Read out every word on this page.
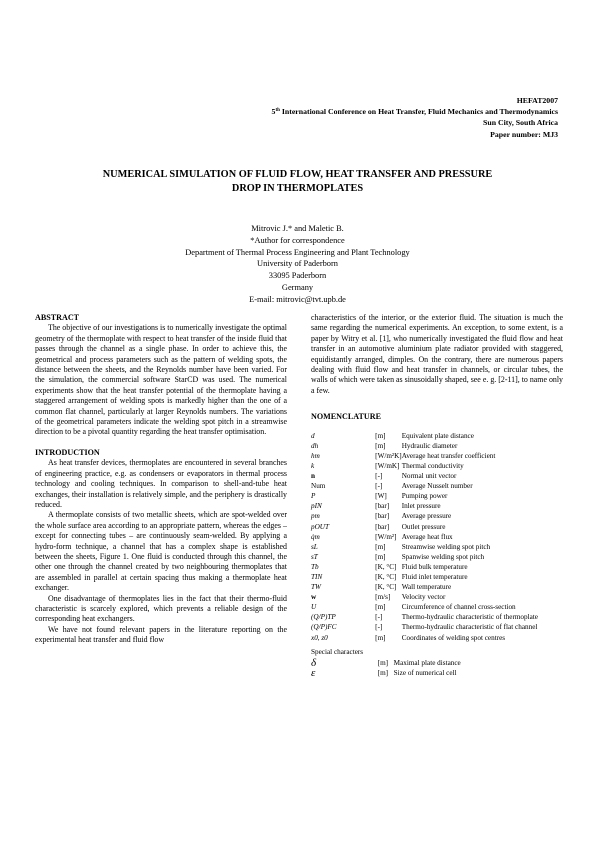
HEFAT2007
5th International Conference on Heat Transfer, Fluid Mechanics and Thermodynamics
Sun City, South Africa
Paper number: MJ3
NUMERICAL SIMULATION OF FLUID FLOW, HEAT TRANSFER AND PRESSURE
DROP IN THERMOPLATES
Mitrovic J.* and Maletic B.
*Author for correspondence
Department of Thermal Process Engineering and Plant Technology
University of Paderborn
33095 Paderborn
Germany
E-mail: mitrovic@tvt.upb.de
ABSTRACT

The objective of our investigations is to numerically investigate the optimal geometry of the thermoplate with respect to heat transfer of the inside fluid that passes through the channel as a single phase. In order to achieve this, the geometrical and process parameters such as the pattern of welding spots, the distance between the sheets, and the Reynolds number have been varied. For the simulation, the commercial software StarCD was used. The numerical experiments show that the heat transfer potential of the thermoplate having a staggered arrangement of welding spots is markedly higher than the one of a common flat channel, particularly at larger Reynolds numbers. The variations of the geometrical parameters indicate the welding spot pitch in a streamwise direction to be a pivotal quantity regarding the heat transfer optimisation.

INTRODUCTION

As heat transfer devices, thermoplates are encountered in several branches of engineering practice, e.g. as condensers or evaporators in thermal process technology and cooling techniques. In comparison to shell-and-tube heat exchanges, their installation is relatively simple, and the periphery is drastically reduced.

A thermoplate consists of two metallic sheets, which are spot-welded over the whole surface area according to an appropriate pattern, whereas the edges – except for connecting tubes – are continuously seam-welded. By applying a hydro-form technique, a channel that has a complex shape is established between the sheets, Figure 1. One fluid is conducted through this channel, the other one through the channel created by two neighbouring thermoplates that are assembled in parallel at certain spacing thus making a thermoplate heat exchanger.

One disadvantage of thermoplates lies in the fact that their thermo-fluid characteristic is scarcely explored, which prevents a reliable design of the corresponding heat exchangers.

We have not found relevant papers in the literature reporting on the experimental heat transfer and fluid flow

characteristics of the interior, or the exterior fluid. The situation is much the same regarding the numerical experiments. An exception, to some extent, is a paper by Witry et al. [1], who numerically investigated the fluid flow and heat transfer in an automotive aluminium plate radiator provided with staggered, equidistantly arranged, dimples. On the contrary, there are numerous papers dealing with fluid flow and heat transfer in channels, or circular tubes, the walls of which were taken as sinusoidally shaped, see e. g. [2-11], to name only a few.

NOMENCLATURE
d	[m]	Equivalent plate distance
dh	[m]	Hydraulic diameter
hm	[W/m²K]	Average heat transfer coefficient
k	[W/mK]	Thermal conductivity
n	[-]	Normal unit vector
Num	[-]	Average Nusselt number
P	[W]	Pumping power
pIN	[bar]	Inlet pressure
pm	[bar]	Average pressure
pOUT	[bar]	Outlet pressure
q̇m	[W/m²]	Average heat flux
sL	[m]	Streamwise welding spot pitch
sT	[m]	Spanwise welding spot pitch
Tb	[K, °C]	Fluid bulk temperature
TIN	[K, °C]	Fluid inlet temperature
TW	[K, °C]	Wall temperature
w	[m/s]	Velocity vector
U	[m]	Circumference of channel cross-section
(Q/P)TP	[-]	Thermo-hydraulic characteristic of thermoplate
(Q/P)FC	[-]	Thermo-hydraulic characteristic of flat channel
x0, z0	[m]	Coordinates of welding spot centres
Special characters
δ	[m]	Maximal plate distance
ε	[m]	Size of numerical cell
